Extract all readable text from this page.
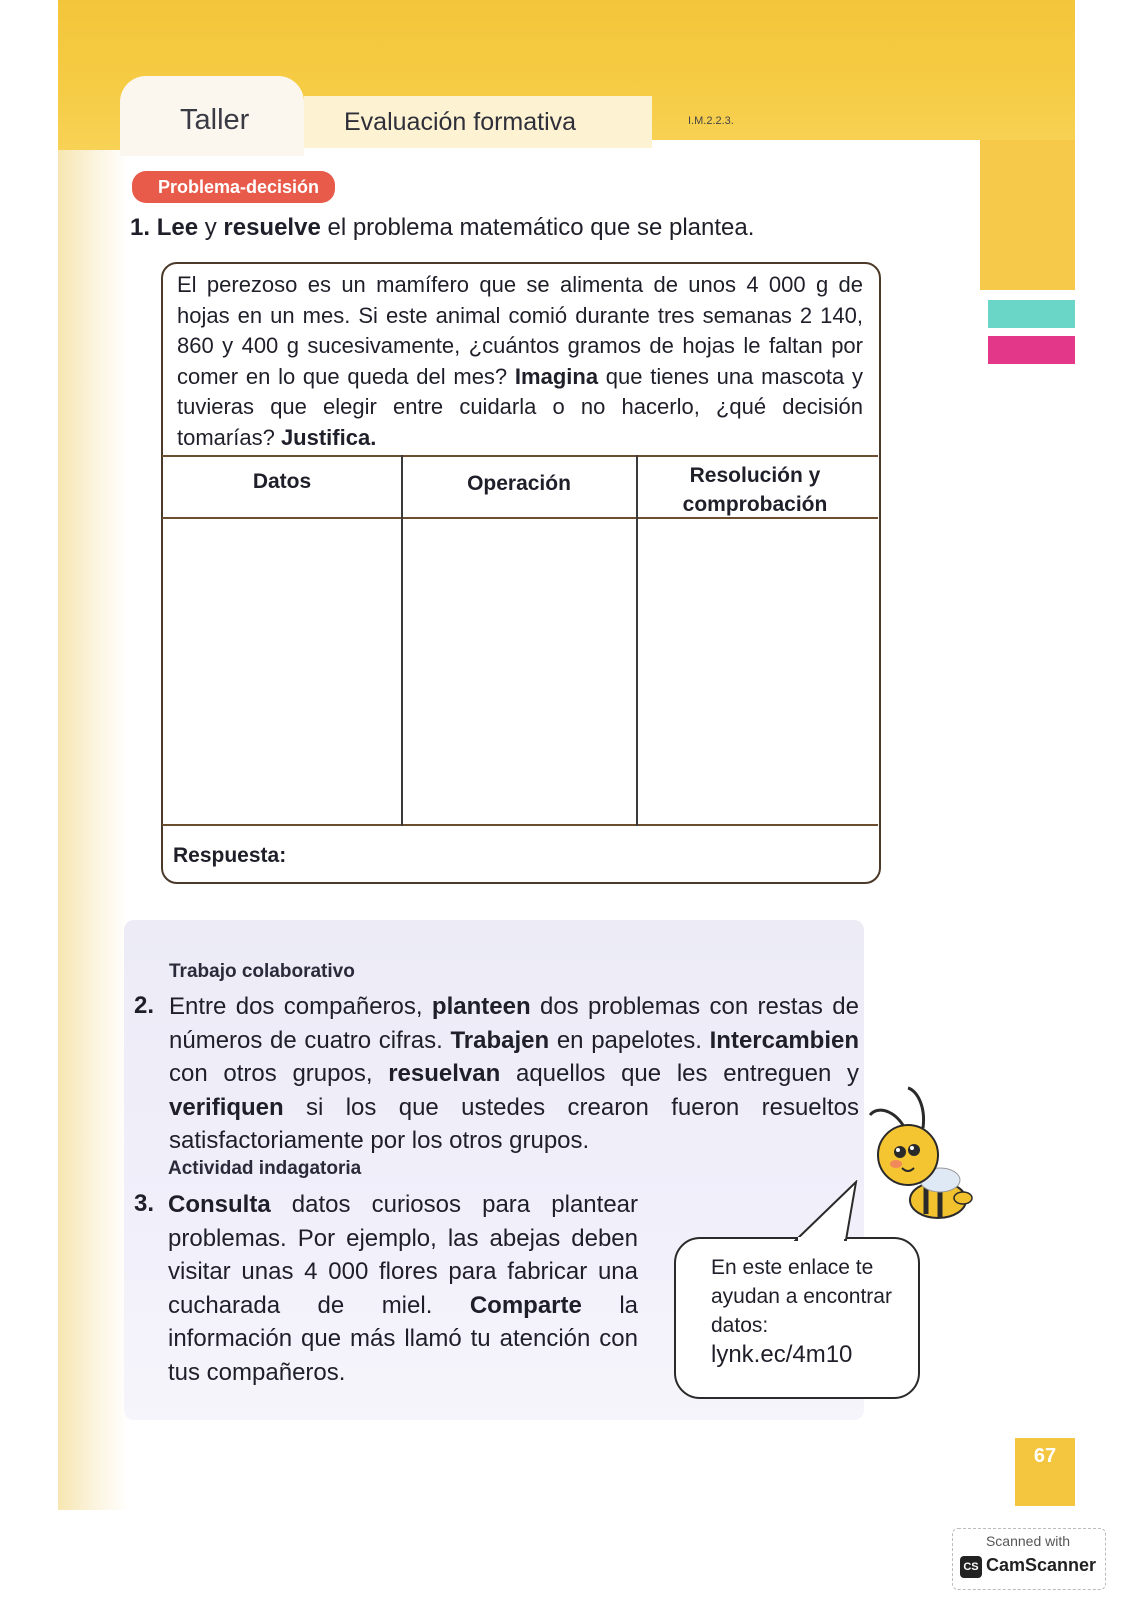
Taller	Evaluación formativa	I.M.2.2.3.
Problema-decisión
1. Lee y resuelve el problema matemático que se plantea.
El perezoso es un mamífero que se alimenta de unos 4 000 g de hojas en un mes. Si este animal comió durante tres semanas 2 140, 860 y 400 g sucesivamente, ¿cuántos gramos de hojas le faltan por comer en lo que queda del mes? Imagina que tienes una mascota y tuvieras que elegir entre cuidarla o no hacerlo, ¿qué decisión tomarías? Justifica.
Datos	Operación	Resolución y comprobación
Respuesta:
Trabajo colaborativo
2. Entre dos compañeros, planteen dos problemas con restas de números de cuatro cifras. Trabajen en papelotes. Intercambien con otros grupos, resuelvan aquellos que les entreguen y verifiquen si los que ustedes crearon fueron resueltos satisfactoriamente por los otros grupos.
Actividad indagatoria
3. Consulta datos curiosos para plantear problemas. Por ejemplo, las abejas deben visitar unas 4 000 flores para fabricar una cucharada de miel. Comparte la información que más llamó tu atención con tus compañeros.
En este enlace te ayudan a encontrar datos:
lynk.ec/4m10
67
Scanned with
CS CamScanner
